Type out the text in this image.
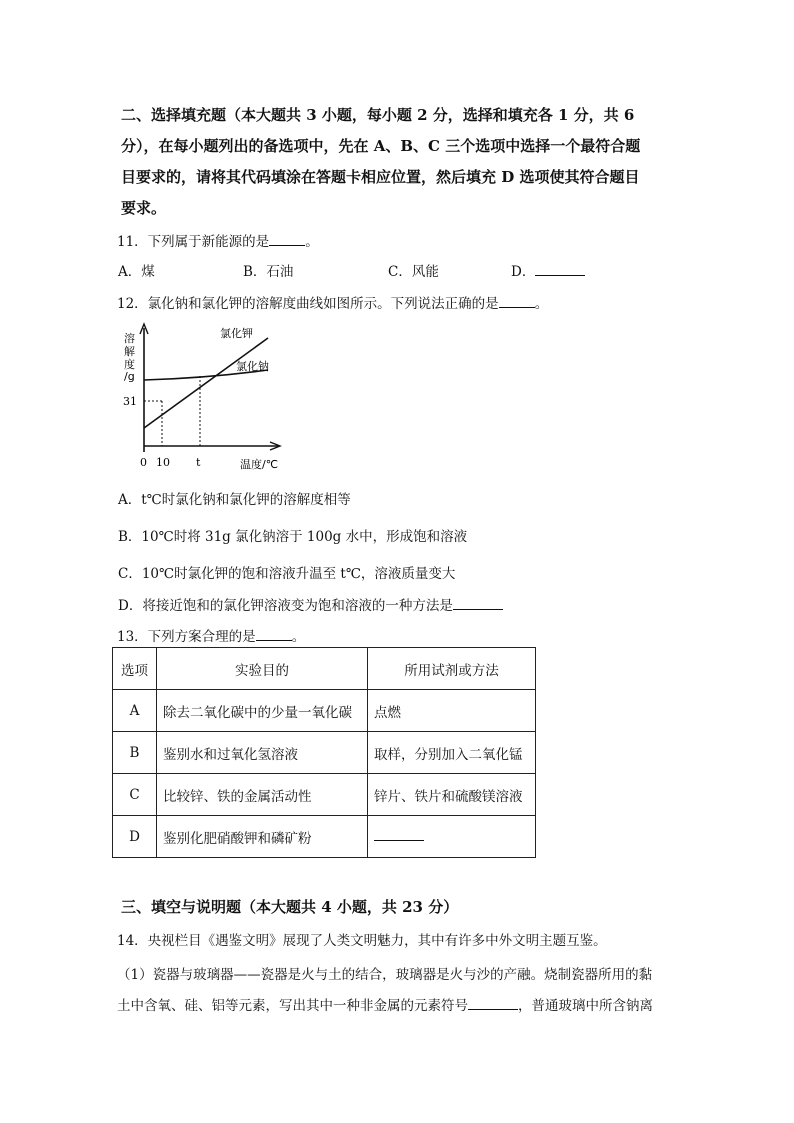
二、选择填充题（本大题共 3 小题，每小题 2 分，选择和填充各 1 分，共 6
分），在每小题列出的备选项中，先在 A、B、C 三个选项中选择一个最符合题
目要求的，请将其代码填涂在答题卡相应位置，然后填充 D 选项使其符合题目
要求。
11．下列属于新能源的是	。
A．煤	B．石油	C．风能	D．
12．氯化钠和氯化钾的溶解度曲线如图所示。下列说法正确的是	。
溶
解
度
/g
氯化钾
氯化钠
31
0 10 t	温度/℃
A．t℃时氯化钠和氯化钾的溶解度相等
B．10℃时将 31g 氯化钠溶于 100g 水中，形成饱和溶液
C．10℃时氯化钾的饱和溶液升温至 t℃，溶液质量变大
D．将接近饱和的氯化钾溶液变为饱和溶液的一种方法是
13．下列方案合理的是	。
选项	实验目的	所用试剂或方法
A	除去二氧化碳中的少量一氧化碳	点燃
B	鉴别水和过氧化氢溶液	取样，分别加入二氧化锰
C	比较锌、铁的金属活动性	锌片、铁片和硫酸镁溶液
D	鉴别化肥硝酸钾和磷矿粉	
三、填空与说明题（本大题共 4 小题，共 23 分）
14．央视栏目《遇鉴文明》展现了人类文明魅力，其中有许多中外文明主题互鉴。
（1）瓷器与玻璃器——瓷器是火与土的结合，玻璃器是火与沙的产融。烧制瓷器所用的黏
土中含氧、硅、铝等元素，写出其中一种非金属的元素符号	，普通玻璃中所含钠离
